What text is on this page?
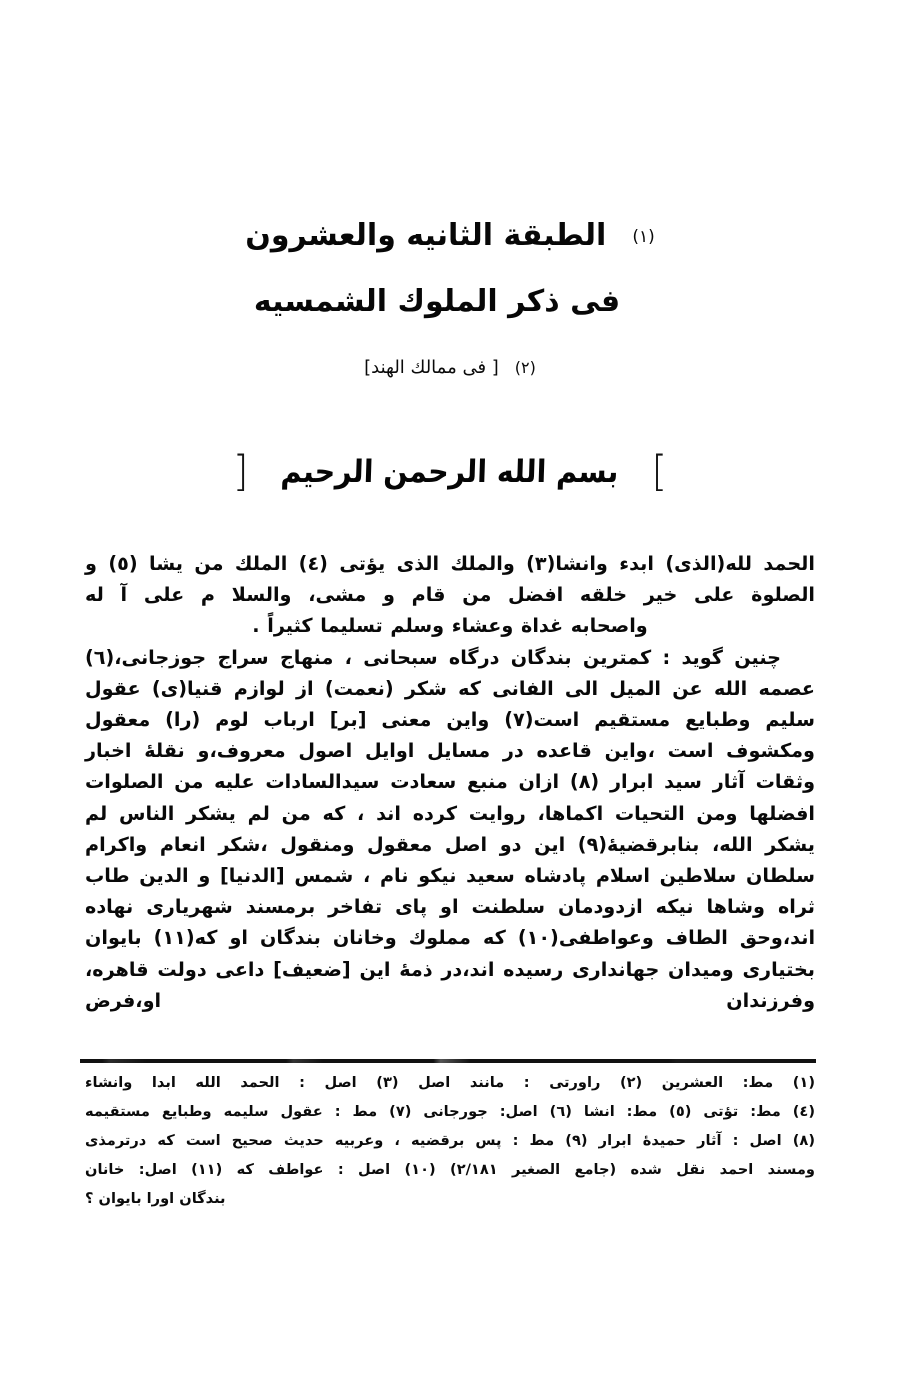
الطبقة الثانيه والعشرون (١)
فى ذكر الملوك الشمسيه
[ فى ممالك الهند] (٢)
[ بسم الله الرحمن الرحيم ]

الحمد لله(الذى) ابدء وانشا(٣) والملك الذى يؤتى (٤) الملك من يشا (٥) و الصلوة على خير خلقه افضل من قام و مشى، والسلا م على آ له

واصحابه غداة وعشاء وسلم تسليما كثيراً .

چنين گويد : كمترين بندگان درگاه سبحانى ، منهاج سراج جوزجانى،(٦) عصمه الله عن الميل الى الفانى كه شكر (نعمت) از لوازم قنيا(ى) عقول سليم وطبايع مستقيم است(٧) واين معنى [بر] ارباب لوم (را) معقول ومكشوف است ،واين قاعده در مسايل اوايل اصول معروف،و نقلهٔ اخبار وثقات آثار سيد ابرار (٨) ازان منبع سعادت سيدالسادات عليه من الصلوات افضلها ومن التحيات اكماها، روايت كرده اند ، كه من لم يشكر الناس لم يشكر الله، بنابرقضيهٔ(٩) اين دو اصل معقول ومنقول ،شكر انعام واكرام سلطان سلاطين اسلام پادشاه سعيد نيكو نام ، شمس [الدنيا] و الدين طاب ثراه وشاها نيكه ازدودمان سلطنت او پاى تفاخر برمسند شهريارى نهاده اند،وحق الطاف وعواطفى(١٠) كه مملوك وخانان بندگان او كه(١١) بايوان بختيارى وميدان جهاندارى رسيده اند،در ذمهٔ اين [ضعيف] داعى دولت قاهره، وفرزندان او،فرض

(١) مط: العشرين (٢) راورتى : مانند اصل (٣) اصل : الحمد الله ابدا وانشاء
(٤) مط: تؤتى (٥) مط: انشا (٦) اصل: جورجانى (٧) مط : عقول سليمه وطبايع مستقيمه
(٨) اصل : آثار حميدهٔ ابرار (٩) مط : پس برقضيه ، وعربيه حديث صحيح است كه درترمذى
ومسند احمد نقل شده (جامع الصغير ٢/١٨١) (١٠) اصل : عواطف كه (١١) اصل: خانان
بندگان اورا بايوان ؟
